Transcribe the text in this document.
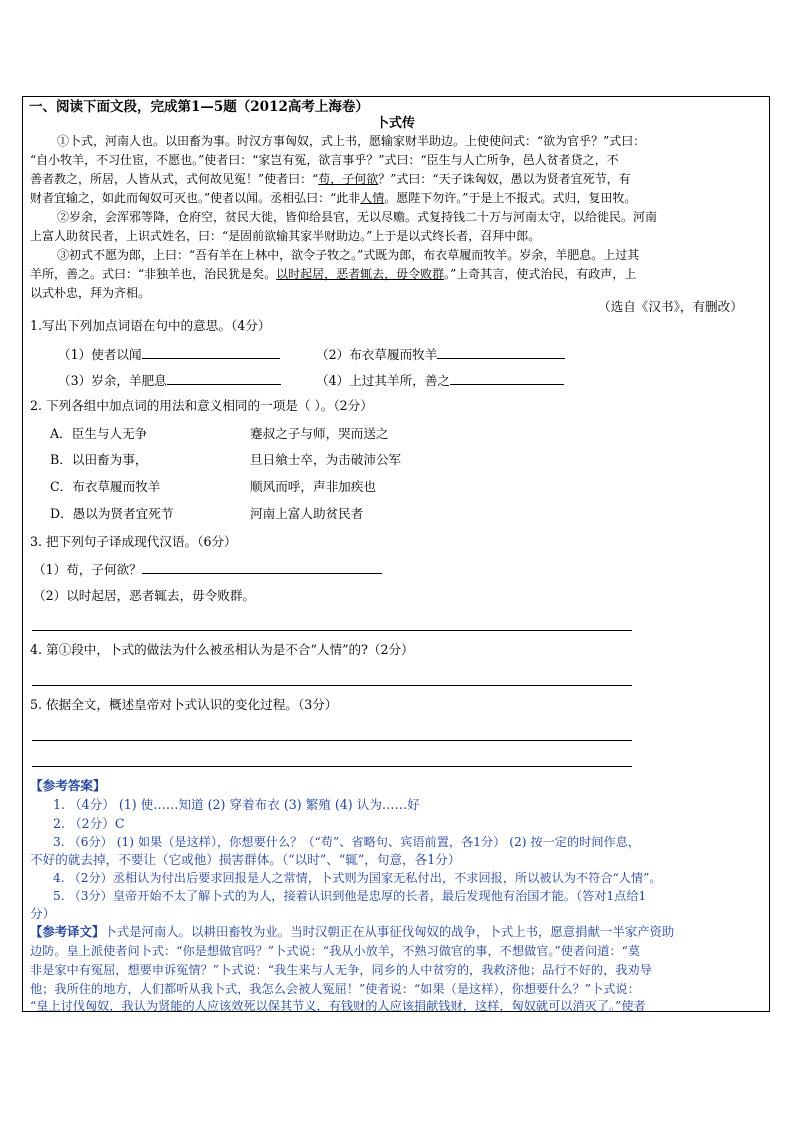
一、阅读下面文段，完成第1—5题（2012高考上海卷）
卜式传
①卜式，河南人也。以田畜为事。时汉方事匈奴，式上书，愿输家财半助边。上使使问式：“欲为官乎？”式曰：
“自小牧羊，不习仕宦，不愿也。”使者曰：“家岂有冤，欲言事乎？”式曰：“臣生与人亡所争，邑人贫者贷之，不
善者教之，所居，人皆从式，式何故见冤！”使者曰：“苟，子何欲？”式曰：“天子诛匈奴，愚以为贤者宜死节，有
财者宜输之，如此而匈奴可灭也。”使者以闻。丞相弘曰：“此非人情。愿陛下勿许。”于是上不报式。式归，复田牧。
②岁余，会浑邪等降，仓府空，贫民大徙，皆仰给县官，无以尽赡。式复持钱二十万与河南太守，以给徙民。河南
上富人助贫民者，上识式姓名，曰：“是固前欲输其家半财助边。”上于是以式终长者，召拜中郎。
③初式不愿为郎，上曰：“吾有羊在上林中，欲令子牧之。”式既为郎，布衣草履而牧羊。岁余，羊肥息。上过其
羊所，善之。式曰：“非独羊也，治民犹是矣。以时起居，恶者辄去，毋令败群。”上奇其言，使式治民，有政声，上
以式朴忠，拜为齐相。
（选自《汉书》，有删改）
1.写出下列加点词语在句中的意思。（4分）
（1）使者以闻	（2）布衣草履而牧羊
（3）岁余，羊肥息	（4）上过其羊所，善之
2. 下列各组中加点词的用法和意义相同的一项是（ ）。（2分）
A．臣生与人无争	蹇叔之子与师，哭而送之
B．以田畜为事，	旦日飨士卒，为击破沛公军
C．布衣草履而牧羊	顺风而呼，声非加疾也
D．愚以为贤者宜死节	河南上富人助贫民者
3. 把下列句子译成现代汉语。（6分）
（1）苟，子何欲？
（2）以时起居，恶者辄去，毋令败群。
4. 第①段中，卜式的做法为什么被丞相认为是不合“人情”的?（2分）
5. 依据全文，概述皇帝对卜式认识的变化过程。（3分）
【参考答案】
1. （4分） (1) 使……知道 (2) 穿着布衣 (3) 繁殖 (4) 认为……好
2. （2分）C
3. （6分） (1) 如果（是这样），你想要什么？（“苟”、省略句、宾语前置，各1分） (2) 按一定的时间作息，
不好的就去掉，不要让（它或他）损害群体。（“以时”、“辄”，句意，各1分）
4. （2分）丞相认为付出后要求回报是人之常情，卜式则为国家无私付出，不求回报，所以被认为不符合“人情”。
5. （3分）皇帝开始不太了解卜式的为人，接着认识到他是忠厚的长者，最后发现他有治国才能。（答对1点给1
分）
【参考译文】卜式是河南人。以耕田畜牧为业。当时汉朝正在从事征伐匈奴的战争，卜式上书，愿意捐献一半家产资助
边防。皇上派使者问卜式：“你是想做官吗？”卜式说：“我从小放羊，不熟习做官的事，不想做官。”使者问道：“莫
非是家中有冤屈，想要申诉冤情？”卜式说：“我生来与人无争，同乡的人中贫穷的，我救济他；品行不好的，我劝导
他；我所住的地方，人们都听从我卜式，我怎么会被人冤屈！”使者说：“如果（是这样），你想要什么？”卜式说：
“皇上讨伐匈奴，我认为贤能的人应该效死以保其节义，有钱财的人应该捐献钱财，这样，匈奴就可以消灭了。”使者
